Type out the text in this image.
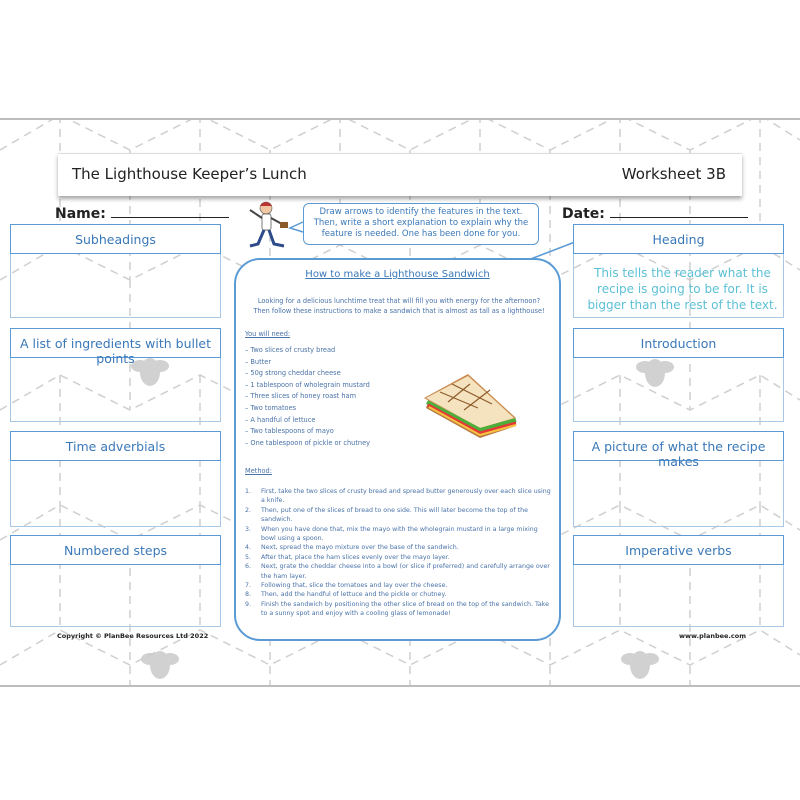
The Lighthouse Keeper’s Lunch	Worksheet 3B
Name:	Date:
Draw arrows to identify the features in the text. Then, write a short explanation to explain why the feature is needed. One has been done for you.
Subheadings
A list of ingredients with bullet points
Time adverbials
Numbered steps
Heading
This tells the reader what the recipe is going to be for. It is bigger than the rest of the text.
Introduction
A picture of what the recipe makes
Imperative verbs
How to make a Lighthouse Sandwich
Looking for a delicious lunchtime treat that will fill you with energy for the afternoon? Then follow these instructions to make a sandwich that is almost as tall as a lighthouse!
You will need:
– Two slices of crusty bread
– Butter
– 50g strong cheddar cheese
– 1 tablespoon of wholegrain mustard
– Three slices of honey roast ham
– Two tomatoes
– A handful of lettuce
– Two tablespoons of mayo
– One tablespoon of pickle or chutney
Method:
1.	First, take the two slices of crusty bread and spread butter generously over each slice using a knife.
2.	Then, put one of the slices of bread to one side. This will later become the top of the sandwich.
3.	When you have done that, mix the mayo with the wholegrain mustard in a large mixing bowl using a spoon.
4.	Next, spread the mayo mixture over the base of the sandwich.
5.	After that, place the ham slices evenly over the mayo layer.
6.	Next, grate the cheddar cheese into a bowl (or slice if preferred) and carefully arrange over the ham layer.
7.	Following that, slice the tomatoes and lay over the cheese.
8.	Then, add the handful of lettuce and the pickle or chutney.
9.	Finish the sandwich by positioning the other slice of bread on the top of the sandwich. Take to a sunny spot and enjoy with a cooling glass of lemonade!
Copyright © PlanBee Resources Ltd 2022	www.planbee.com
